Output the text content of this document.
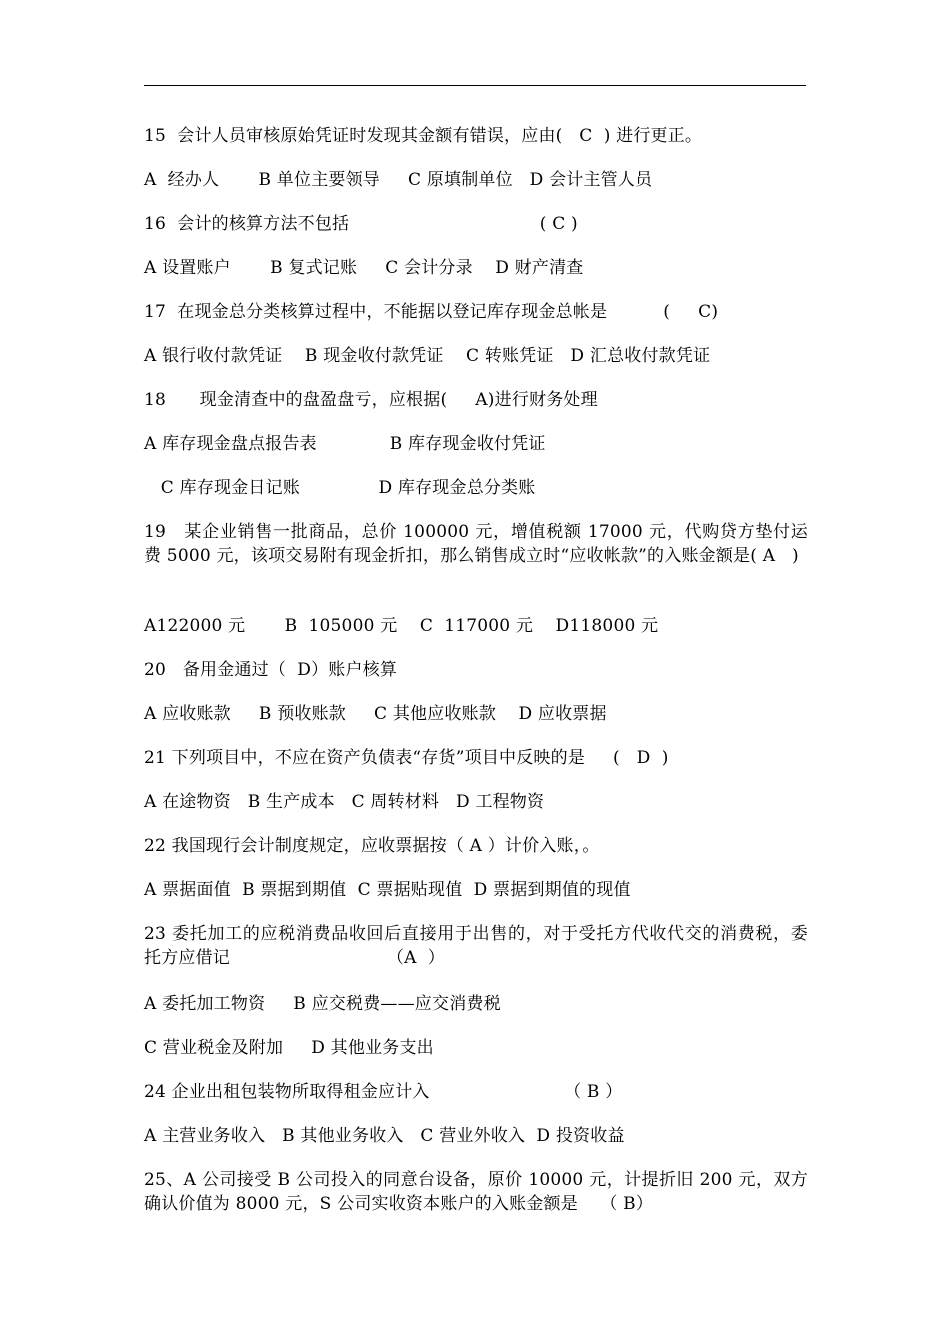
15  会计人员审核原始凭证时发现其金额有错误，应由(   C  ) 进行更正。
A  经办人       B 单位主要领导     C 原填制单位   D 会计主管人员
16  会计的核算方法不包括                                  ( C )
A 设置账户       B 复式记账     C 会计分录    D 财产清查
17  在现金总分类核算过程中，不能据以登记库存现金总帐是          (     C)
A 银行收付款凭证    B 现金收付款凭证    C 转账凭证   D 汇总收付款凭证
18      现金清查中的盘盈盘亏，应根据(     A)进行财务处理
A 库存现金盘点报告表             B 库存现金收付凭证
C 库存现金日记账              D 库存现金总分类账
19   某企业销售一批商品，总价 100000 元，增值税额 17000 元，代购贷方垫付运费 5000 元，该项交易附有现金折扣，那么销售成立时“应收帐款”的入账金额是( A   )
A122000 元       B  105000 元    C  117000 元    D118000 元
20   备用金通过（  D）账户核算
A 应收账款     B 预收账款     C 其他应收账款    D 应收票据
21 下列项目中，不应在资产负债表“存货”项目中反映的是     (   D  )
A 在途物资   B 生产成本   C 周转材料   D 工程物资
22 我国现行会计制度规定，应收票据按（ A ）计价入账，。
A 票据面值  B 票据到期值  C 票据贴现值  D 票据到期值的现值
23 委托加工的应税消费品收回后直接用于出售的，对于受托方代收代交的消费税，委托方应借记                            （A  ）
A 委托加工物资     B 应交税费——应交消费税
C 营业税金及附加     D 其他业务支出
24 企业出租包装物所取得租金应计入                        （ B ）
A 主营业务收入   B 其他业务收入   C 营业外收入  D 投资收益
25、A 公司接受 B 公司投入的同意台设备，原价 10000 元，计提折旧 200 元，双方确认价值为 8000 元，S 公司实收资本账户的入账金额是    （ B）
